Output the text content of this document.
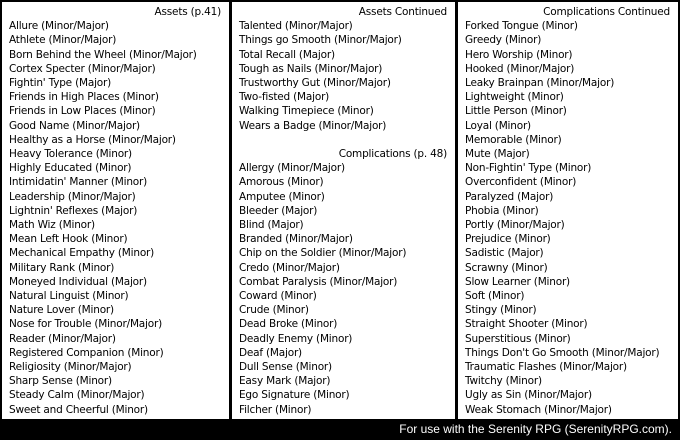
Assets (p.41)
Allure (Minor/Major)
Athlete (Minor/Major)
Born Behind the Wheel (Minor/Major)
Cortex Specter (Minor/Major)
Fightin' Type (Major)
Friends in High Places (Minor)
Friends in Low Places (Minor)
Good Name (Minor/Major)
Healthy as a Horse (Minor/Major)
Heavy Tolerance (Minor)
Highly Educated (Minor)
Intimidatin' Manner (Minor)
Leadership (Minor/Major)
Lightnin' Reflexes (Major)
Math Wiz (Minor)
Mean Left Hook (Minor)
Mechanical Empathy (Minor)
Military Rank (Minor)
Moneyed Individual (Major)
Natural Linguist (Minor)
Nature Lover (Minor)
Nose for Trouble (Minor/Major)
Reader (Minor/Major)
Registered Companion (Minor)
Religiosity (Minor/Major)
Sharp Sense (Minor)
Steady Calm (Minor/Major)
Sweet and Cheerful (Minor)
Assets Continued
Talented (Minor/Major)
Things go Smooth (Minor/Major)
Total Recall (Major)
Tough as Nails (Minor/Major)
Trustworthy Gut (Minor/Major)
Two-fisted (Major)
Walking Timepiece (Minor)
Wears a Badge (Minor/Major)
Complications (p. 48)
Allergy (Minor/Major)
Amorous (Minor)
Amputee (Minor)
Bleeder (Major)
Blind (Major)
Branded (Minor/Major)
Chip on the Soldier (Minor/Major)
Credo (Minor/Major)
Combat Paralysis (Minor/Major)
Coward (Minor)
Crude (Minor)
Dead Broke (Minor)
Deadly Enemy (Minor)
Deaf (Major)
Dull Sense (Minor)
Easy Mark (Major)
Ego Signature (Minor)
Filcher (Minor)
Complications Continued
Forked Tongue (Minor)
Greedy (Minor)
Hero Worship (Minor)
Hooked (Minor/Major)
Leaky Brainpan (Minor/Major)
Lightweight (Minor)
Little Person (Minor)
Loyal (Minor)
Memorable (Minor)
Mute (Major)
Non-Fightin' Type (Minor)
Overconfident (Minor)
Paralyzed (Major)
Phobia (Minor)
Portly (Minor/Major)
Prejudice (Minor)
Sadistic (Major)
Scrawny (Minor)
Slow Learner (Minor)
Soft (Minor)
Stingy (Minor)
Straight Shooter (Minor)
Superstitious (Minor)
Things Don't Go Smooth (Minor/Major)
Traumatic Flashes (Minor/Major)
Twitchy (Minor)
Ugly as Sin (Minor/Major)
Weak Stomach (Minor/Major)
For use with the Serenity RPG (SerenityRPG.com).
